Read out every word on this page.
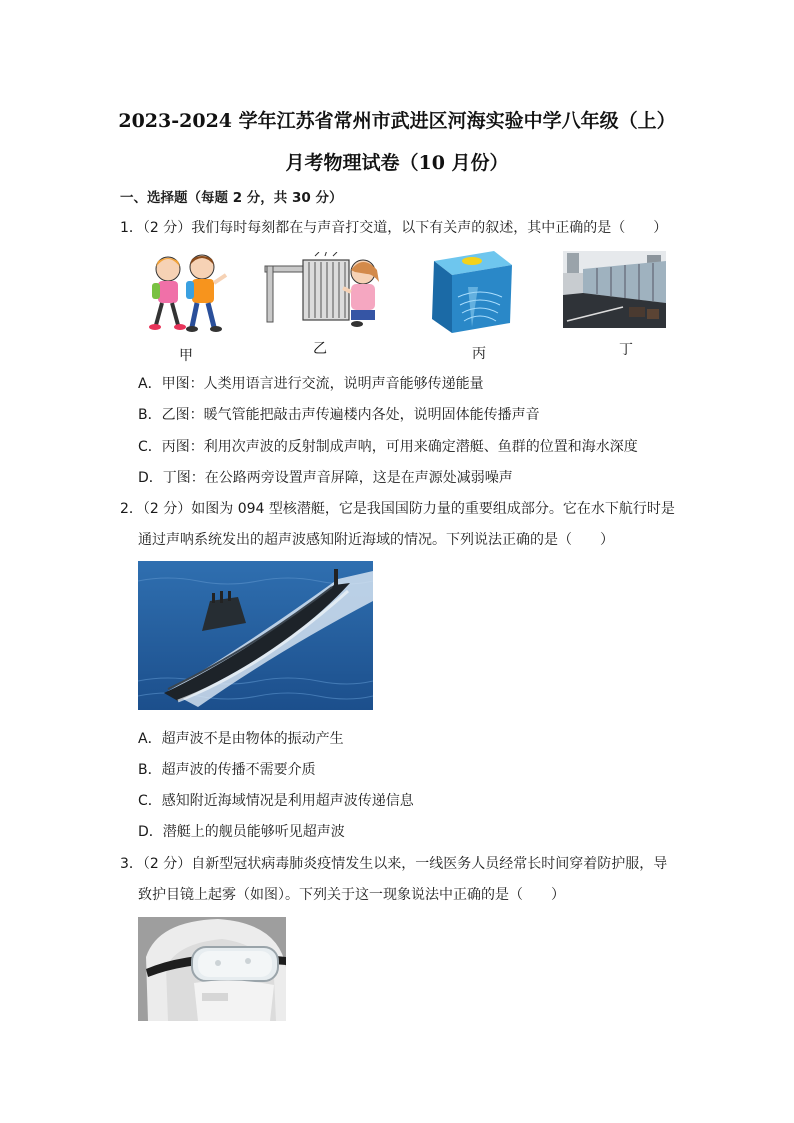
2023-2024 学年江苏省常州市武进区河海实验中学八年级（上）
月考物理试卷（10 月份）
一、选择题（每题 2 分，共 30 分）
1．（2 分）我们每时每刻都在与声音打交道，以下有关声的叙述，其中正确的是（　　）
甲	乙	丙	丁
A．甲图：人类用语言进行交流，说明声音能够传递能量
B．乙图：暖气管能把敲击声传遍楼内各处，说明固体能传播声音
C．丙图：利用次声波的反射制成声呐，可用来确定潜艇、鱼群的位置和海水深度
D．丁图：在公路两旁设置声音屏障，这是在声源处减弱噪声
2．（2 分）如图为 094 型核潜艇，它是我国国防力量的重要组成部分。它在水下航行时是
通过声呐系统发出的超声波感知附近海域的情况。下列说法正确的是（　　）
A．超声波不是由物体的振动产生
B．超声波的传播不需要介质
C．感知附近海域情况是利用超声波传递信息
D．潜艇上的舰员能够听见超声波
3．（2 分）自新型冠状病毒肺炎疫情发生以来，一线医务人员经常长时间穿着防护服，导
致护目镜上起雾（如图）。下列关于这一现象说法中正确的是（　　）
